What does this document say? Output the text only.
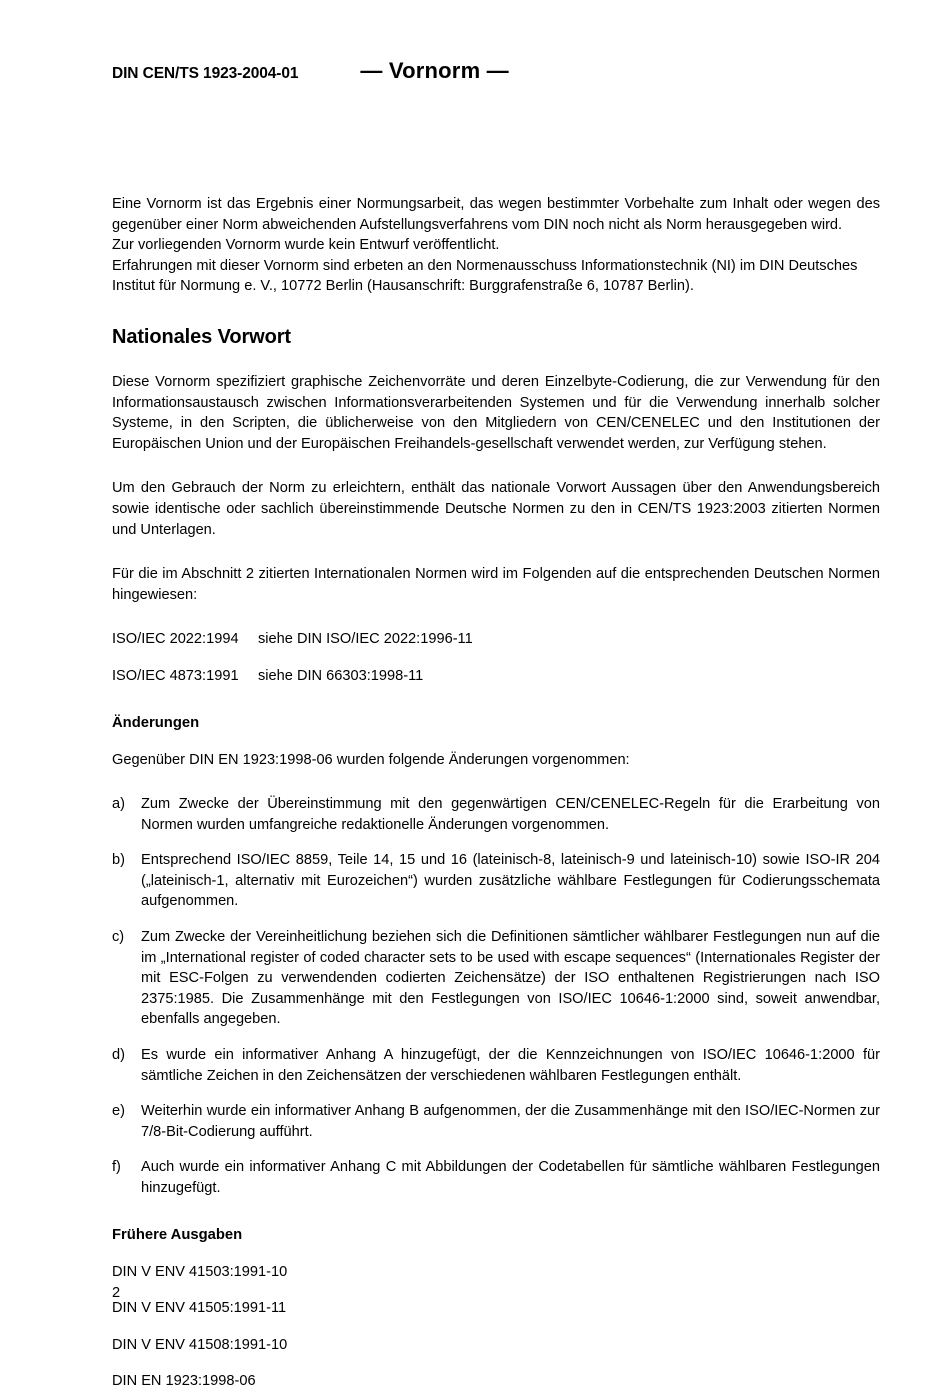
DIN CEN/TS 1923-2004-01	— Vornorm —

Eine Vornorm ist das Ergebnis einer Normungsarbeit, das wegen bestimmter Vorbehalte zum Inhalt oder wegen des gegenüber einer Norm abweichenden Aufstellungsverfahrens vom DIN noch nicht als Norm herausgegeben wird.

Zur vorliegenden Vornorm wurde kein Entwurf veröffentlicht.

Erfahrungen mit dieser Vornorm sind erbeten an den Normenausschuss Informationstechnik (NI) im DIN Deutsches Institut für Normung e. V., 10772 Berlin (Hausanschrift: Burggrafenstraße 6, 10787 Berlin).

Nationales Vorwort

Diese Vornorm spezifiziert graphische Zeichenvorräte und deren Einzelbyte-Codierung, die zur Verwendung für den Informationsaustausch zwischen Informationsverarbeitenden Systemen und für die Verwendung innerhalb solcher Systeme, in den Scripten, die üblicherweise von den Mitgliedern von CEN/CENELEC und den Institutionen der Europäischen Union und der Europäischen Freihandels-gesellschaft verwendet werden, zur Verfügung stehen.

Um den Gebrauch der Norm zu erleichtern, enthält das nationale Vorwort Aussagen über den Anwendungsbereich sowie identische oder sachlich übereinstimmende Deutsche Normen zu den in CEN/TS 1923:2003 zitierten Normen und Unterlagen.

Für die im Abschnitt 2 zitierten Internationalen Normen wird im Folgenden auf die entsprechenden Deutschen Normen hingewiesen:

ISO/IEC 2022:1994	siehe DIN ISO/IEC 2022:1996-11
ISO/IEC 4873:1991	siehe DIN 66303:1998-11
Änderungen

Gegenüber DIN EN 1923:1998-06 wurden folgende Änderungen vorgenommen:

a)	Zum Zwecke der Übereinstimmung mit den gegenwärtigen CEN/CENELEC-Regeln für die Erarbeitung von Normen wurden umfangreiche redaktionelle Änderungen vorgenommen.
b)	Entsprechend ISO/IEC 8859, Teile 14, 15 und 16 (lateinisch-8, lateinisch-9 und lateinisch-10) sowie ISO-IR 204 („lateinisch-1, alternativ mit Eurozeichen“) wurden zusätzliche wählbare Festlegungen für Codierungsschemata aufgenommen.
c)	Zum Zwecke der Vereinheitlichung beziehen sich die Definitionen sämtlicher wählbarer Festlegungen nun auf die im „International register of coded character sets to be used with escape sequences“ (Internationales Register der mit ESC-Folgen zu verwendenden codierten Zeichensätze) der ISO enthaltenen Registrierungen nach ISO 2375:1985. Die Zusammenhänge mit den Festlegungen von ISO/IEC 10646-1:2000 sind, soweit anwendbar, ebenfalls angegeben.
d)	Es wurde ein informativer Anhang A hinzugefügt, der die Kennzeichnungen von ISO/IEC 10646-1:2000 für sämtliche Zeichen in den Zeichensätzen der verschiedenen wählbaren Festlegungen enthält.
e)	Weiterhin wurde ein informativer Anhang B aufgenommen, der die Zusammenhänge mit den ISO/IEC-Normen zur 7/8-Bit-Codierung aufführt.
f)	Auch wurde ein informativer Anhang C mit Abbildungen der Codetabellen für sämtliche wählbaren Festlegungen hinzugefügt.
Frühere Ausgaben
DIN V ENV 41503:1991-10
DIN V ENV 41505:1991-11
DIN V ENV 41508:1991-10
DIN EN 1923:1998-06
2
